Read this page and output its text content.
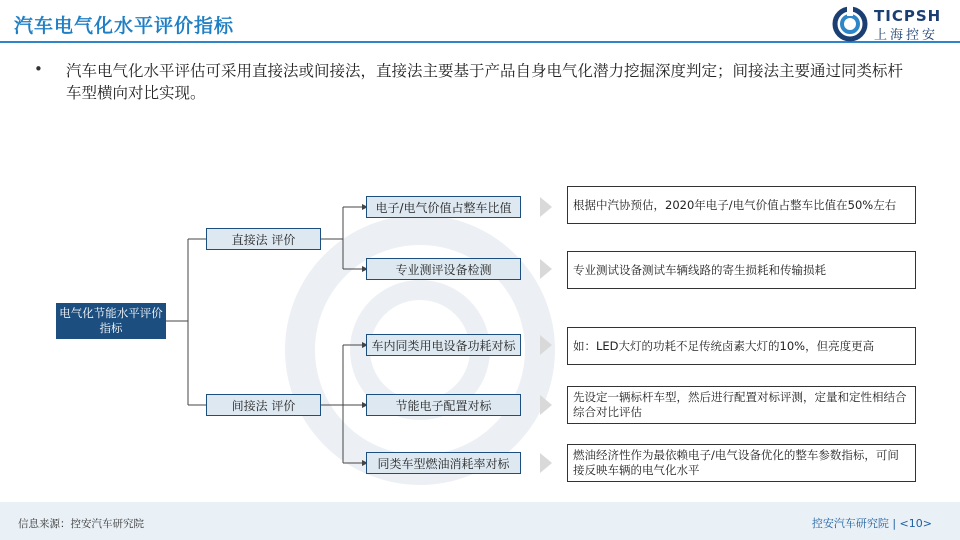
汽车电气化水平评价指标	TICPSH
上海控安
• 汽车电气化水平评估可采用直接法或间接法，直接法主要基于产品自身电气化潜力挖掘深度判定；间接法主要通过同类标杆车型横向对比实现。
电气化节能水平评价指标
直接法 评价
间接法 评价
电子/电气价值占整车比值
专业测评设备检测
车内同类用电设备功耗对标
节能电子配置对标
同类车型燃油消耗率对标
根据中汽协预估，2020年电子/电气价值占整车比值在50%左右
专业测试设备测试车辆线路的寄生损耗和传输损耗
如：LED大灯的功耗不足传统卤素大灯的10%，但亮度更高
先设定一辆标杆车型，然后进行配置对标评测，定量和定性相结合综合对比评估
燃油经济性作为最依赖电子/电气设备优化的整车参数指标，可间接反映车辆的电气化水平
信息来源：控安汽车研究院	控安汽车研究院 | <10>
